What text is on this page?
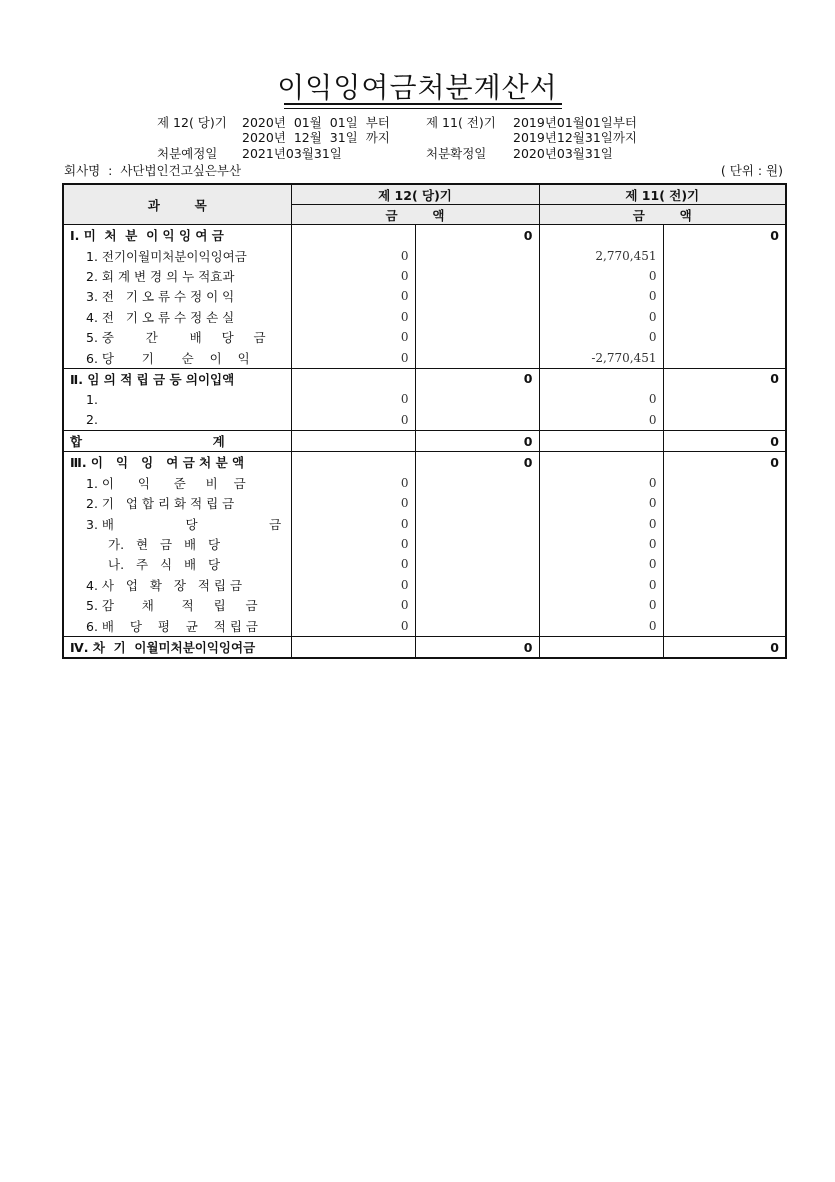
이익잉여금처분계산서
제 12( 당)기 2020년  01월  01일  부터
2020년  12월  31일  까지
제 11( 전)기 2019년01월01일부터
2019년12월31일까지
처분예정일 2021년03월31일	처분확정일 2020년03월31일
회사명  :  사단법인건고싶은부산	( 단위 : 원)
과        목	제 12( 당)기		제 11( 전)기	
	금        액		금        액	
Ⅰ. 미  처  분  이 익 잉 여 금		0		0
1. 전기이월미처분이익잉여금	0		2,770,451	
2. 회 계 변 경 의 누 적효과	0		0	
3. 전   기 오 류 수 정 이 익	0		0	
4. 전   기 오 류 수 정 손 실	0		0	
5. 중        간        배     당     금	0		0	
6. 당       기       순    이    익	0		-2,770,451	
Ⅱ. 임 의 적 립 금 등 의이입액		0		0
1.	0		0	
2.	0		0	
합                              계		0		0
Ⅲ. 이   익   잉   여 금 처 분 액		0		0
1. 이      익      준     비    금	0		0	
2. 기   업 합 리 화 적 립 금	0		0	
3. 배                  당                  금	0		0	
가.   현   금   배   당	0		0	
나.   주   식   배   당	0		0	
4. 사   업   확   장   적 립 금	0		0	
5. 감       채       적     립     금	0		0	
6. 배    당    평    균    적 립 금	0		0	
Ⅳ. 차  기  이월미처분이익잉여금		0		0
